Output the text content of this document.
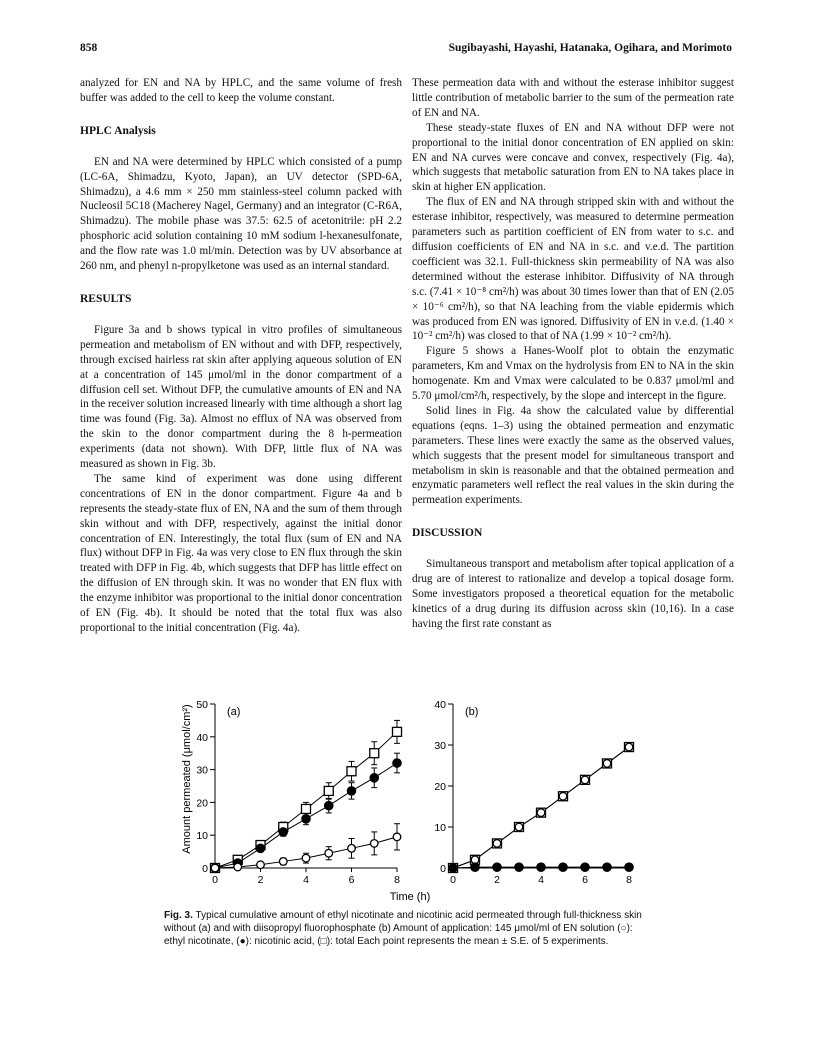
858	Sugibayashi, Hayashi, Hatanaka, Ogihara, and Morimoto

analyzed for EN and NA by HPLC, and the same volume of fresh buffer was added to the cell to keep the volume constant.

HPLC Analysis

EN and NA were determined by HPLC which consisted of a pump (LC-6A, Shimadzu, Kyoto, Japan), an UV detector (SPD-6A, Shimadzu), a 4.6 mm × 250 mm stainless-steel column packed with Nucleosil 5C18 (Macherey Nagel, Germany) and an integrator (C-R6A, Shimadzu). The mobile phase was 37.5: 62.5 of acetonitrile: pH 2.2 phosphoric acid solution containing 10 mM sodium l-hexanesulfonate, and the flow rate was 1.0 ml/min. Detection was by UV absorbance at 260 nm, and phenyl n-propylketone was used as an internal standard.

RESULTS

Figure 3a and b shows typical in vitro profiles of simultaneous permeation and metabolism of EN without and with DFP, respectively, through excised hairless rat skin after applying aqueous solution of EN at a concentration of 145 μmol/ml in the donor compartment of a diffusion cell set. Without DFP, the cumulative amounts of EN and NA in the receiver solution increased linearly with time although a short lag time was found (Fig. 3a). Almost no efflux of NA was observed from the skin to the donor compartment during the 8 h-permeation experiments (data not shown). With DFP, little flux of NA was measured as shown in Fig. 3b.

The same kind of experiment was done using different concentrations of EN in the donor compartment. Figure 4a and b represents the steady-state flux of EN, NA and the sum of them through skin without and with DFP, respectively, against the initial donor concentration of EN. Interestingly, the total flux (sum of EN and NA flux) without DFP in Fig. 4a was very close to EN flux through the skin treated with DFP in Fig. 4b, which suggests that DFP has little effect on the diffusion of EN through skin. It was no wonder that EN flux with the enzyme inhibitor was proportional to the initial donor concentration of EN (Fig. 4b). It should be noted that the total flux was also proportional to the initial concentration (Fig. 4a).

These permeation data with and without the esterase inhibitor suggest little contribution of metabolic barrier to the sum of the permeation rate of EN and NA.

These steady-state fluxes of EN and NA without DFP were not proportional to the initial donor concentration of EN applied on skin: EN and NA curves were concave and convex, respectively (Fig. 4a), which suggests that metabolic saturation from EN to NA takes place in skin at higher EN application.

The flux of EN and NA through stripped skin with and without the esterase inhibitor, respectively, was measured to determine permeation parameters such as partition coefficient of EN from water to s.c. and diffusion coefficients of EN and NA in s.c. and v.e.d. The partition coefficient was 32.1. Full-thickness skin permeability of NA was also determined without the esterase inhibitor. Diffusivity of NA through s.c. (7.41 × 10⁻⁸ cm²/h) was about 30 times lower than that of EN (2.05 × 10⁻⁶ cm²/h), so that NA leaching from the viable epidermis which was produced from EN was ignored. Diffusivity of EN in v.e.d. (1.40 × 10⁻² cm²/h) was closed to that of NA (1.99 × 10⁻² cm²/h).

Figure 5 shows a Hanes-Woolf plot to obtain the enzymatic parameters, Km and Vmax on the hydrolysis from EN to NA in the skin homogenate. Km and Vmax were calculated to be 0.837 μmol/ml and 5.70 μmol/cm²/h, respectively, by the slope and intercept in the figure.

Solid lines in Fig. 4a show the calculated value by differential equations (eqns. 1–3) using the obtained permeation and enzymatic parameters. These lines were exactly the same as the observed values, which suggests that the present model for simultaneous transport and metabolism in skin is reasonable and that the obtained permeation and enzymatic parameters well reflect the real values in the skin during the permeation experiments.

DISCUSSION

Simultaneous transport and metabolism after topical application of a drug are of interest to rationalize and develop a topical dosage form. Some investigators proposed a theoretical equation for the metabolic kinetics of a drug during its diffusion across skin (10,16). In a case having the first rate constant as

Amount permeated (μmol/cm²)
Time (h)
0
10
20
30
40
50
0	2	4	6	8
(a)
0
10
20
30
40
0	2	4	6	8
(b)
Fig. 3. Typical cumulative amount of ethyl nicotinate and nicotinic acid permeated through full-thickness skin without (a) and with diisopropyl fluorophosphate (b) Amount of application: 145 μmol/ml of EN solution (○): ethyl nicotinate, (●): nicotinic acid, (□): total Each point represents the mean ± S.E. of 5 experiments.
